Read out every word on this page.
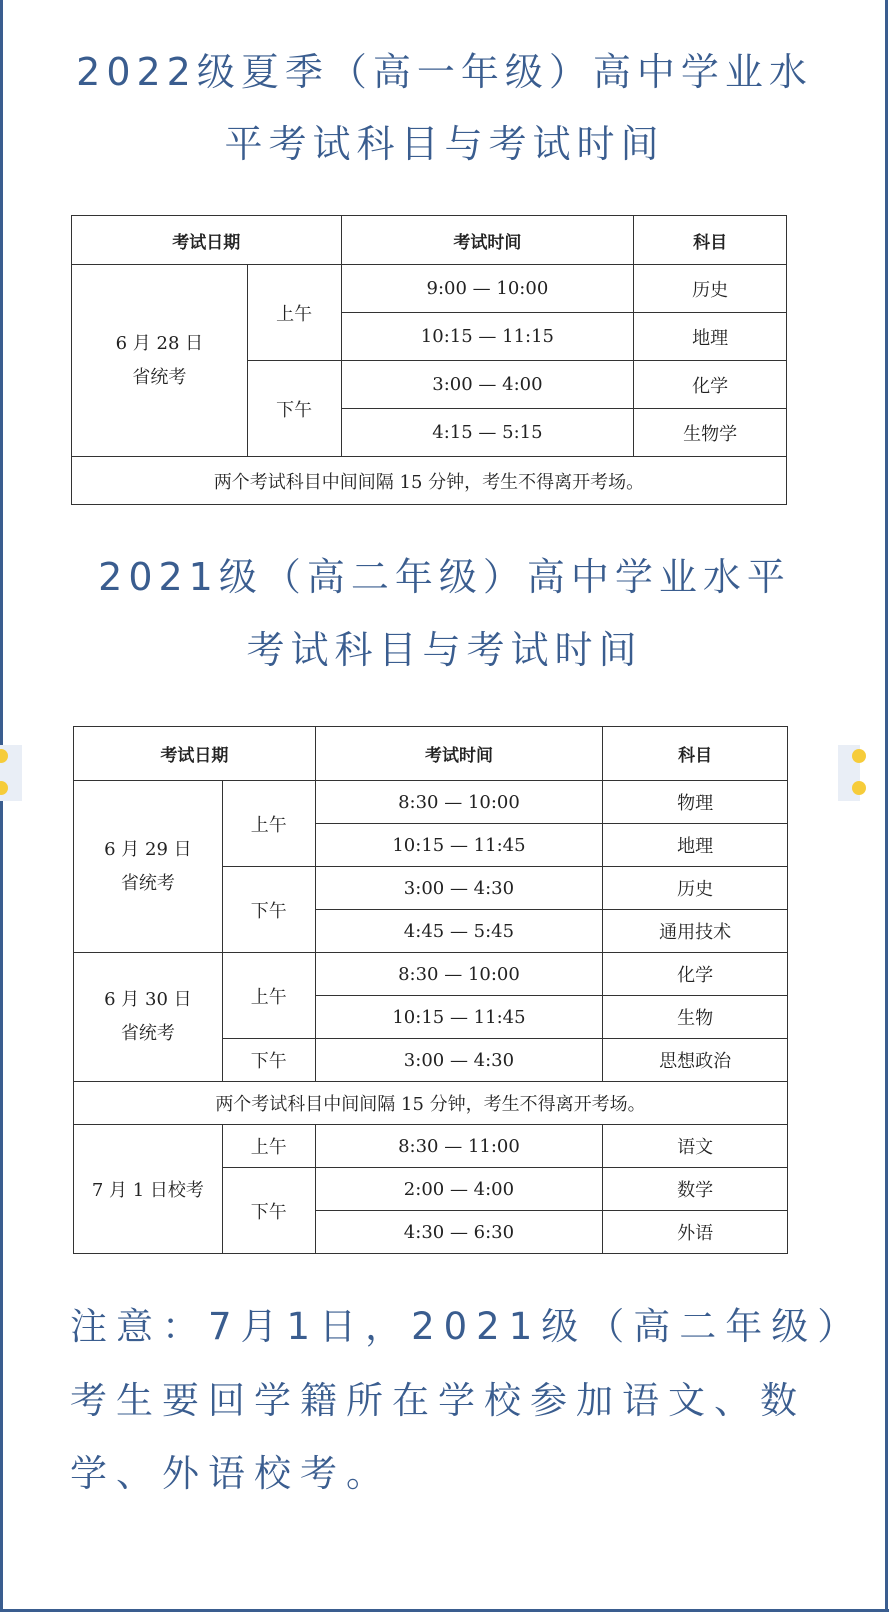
2022级夏季（高一年级）高中学业水
平考试科目与考试时间
考试日期		考试时间	科目

6 月 28 日
省统考	上午	9:00 — 10:00	历史
		10:15 — 11:15	地理
	下午	3:00 — 4:00	化学
		4:15 — 5:15	生物学
两个考试科目中间间隔 15 分钟，考生不得离开考场。			
2021级（高二年级）高中学业水平
考试科目与考试时间
考试日期		考试时间	科目

6 月 29 日
省统考	上午	8:30 — 10:00	物理
		10:15 — 11:45	地理
	下午	3:00 — 4:30	历史
		4:45 — 5:45	通用技术

6 月 30 日
省统考	上午	8:30 — 10:00	化学
		10:15 — 11:45	生物
	下午	3:00 — 4:30	思想政治
两个考试科目中间间隔 15 分钟，考生不得离开考场。			
7 月 1 日校考	上午	8:30 — 11:00	语文
	下午	2:00 — 4:00	数学
		4:30 — 6:30	外语
注意：7月1日，2021级（高二年级）
考生要回学籍所在学校参加语文、数
学、外语校考。
